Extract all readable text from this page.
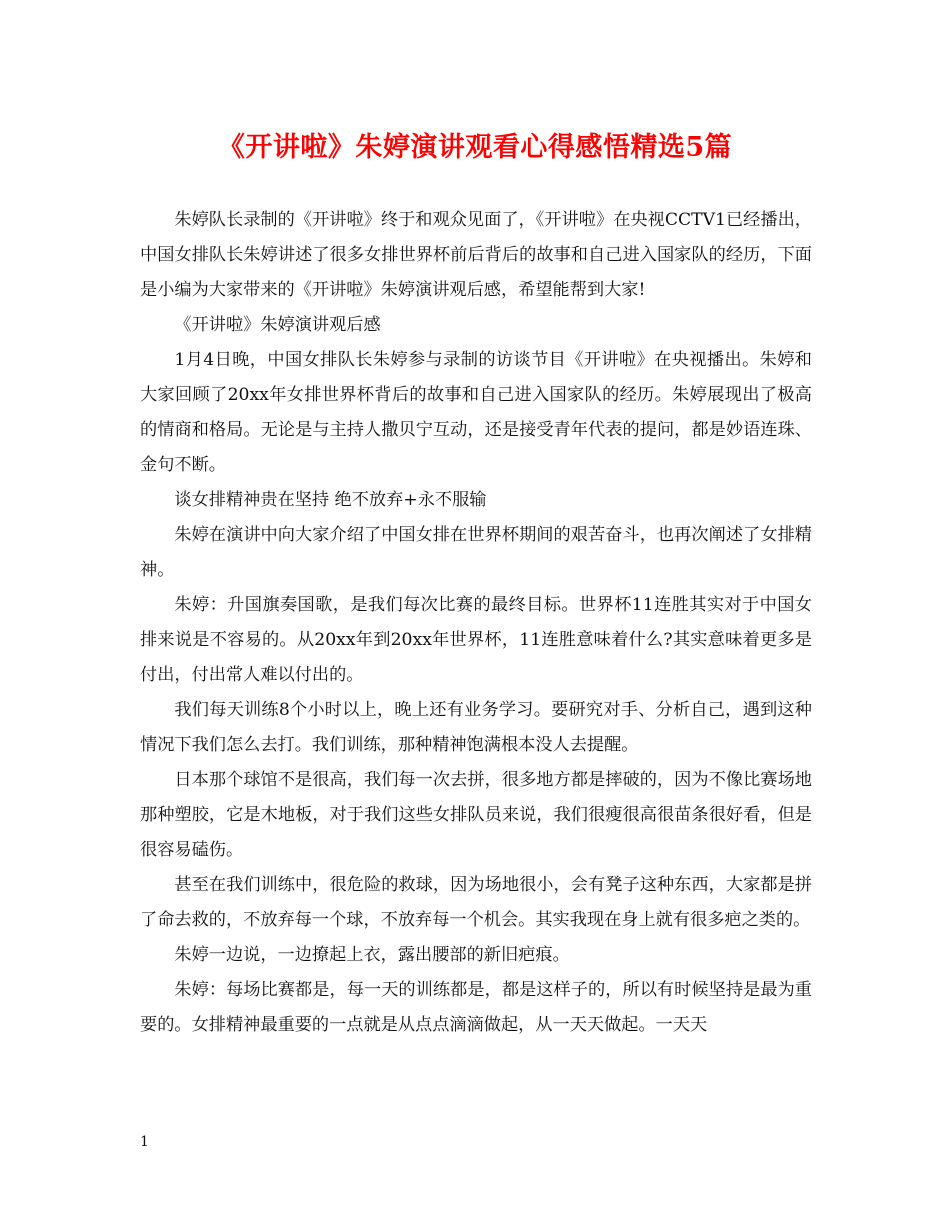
《开讲啦》朱婷演讲观看心得感悟精选5篇

朱婷队长录制的《开讲啦》终于和观众见面了，《开讲啦》在央视CCTV1已经播出，中国女排队长朱婷讲述了很多女排世界杯前后背后的故事和自己进入国家队的经历，下面是小编为大家带来的《开讲啦》朱婷演讲观后感，希望能帮到大家!

《开讲啦》朱婷演讲观后感

1月4日晚，中国女排队长朱婷参与录制的访谈节目《开讲啦》在央视播出。朱婷和大家回顾了20xx年女排世界杯背后的故事和自己进入国家队的经历。朱婷展现出了极高的情商和格局。无论是与主持人撒贝宁互动，还是接受青年代表的提问，都是妙语连珠、金句不断。

谈女排精神贵在坚持 绝不放弃+永不服输

朱婷在演讲中向大家介绍了中国女排在世界杯期间的艰苦奋斗，也再次阐述了女排精神。

朱婷：升国旗奏国歌，是我们每次比赛的最终目标。世界杯11连胜其实对于中国女排来说是不容易的。从20xx年到20xx年世界杯，11连胜意味着什么?其实意味着更多是付出，付出常人难以付出的。

我们每天训练8个小时以上，晚上还有业务学习。要研究对手、分析自己，遇到这种情况下我们怎么去打。我们训练，那种精神饱满根本没人去提醒。

日本那个球馆不是很高，我们每一次去拼，很多地方都是摔破的，因为不像比赛场地那种塑胶，它是木地板，对于我们这些女排队员来说，我们很瘦很高很苗条很好看，但是很容易磕伤。

甚至在我们训练中，很危险的救球，因为场地很小，会有凳子这种东西，大家都是拼了命去救的，不放弃每一个球，不放弃每一个机会。其实我现在身上就有很多疤之类的。

朱婷一边说，一边撩起上衣，露出腰部的新旧疤痕。

朱婷：每场比赛都是，每一天的训练都是，都是这样子的，所以有时候坚持是最为重要的。女排精神最重要的一点就是从点点滴滴做起，从一天天做起。一天天

1
